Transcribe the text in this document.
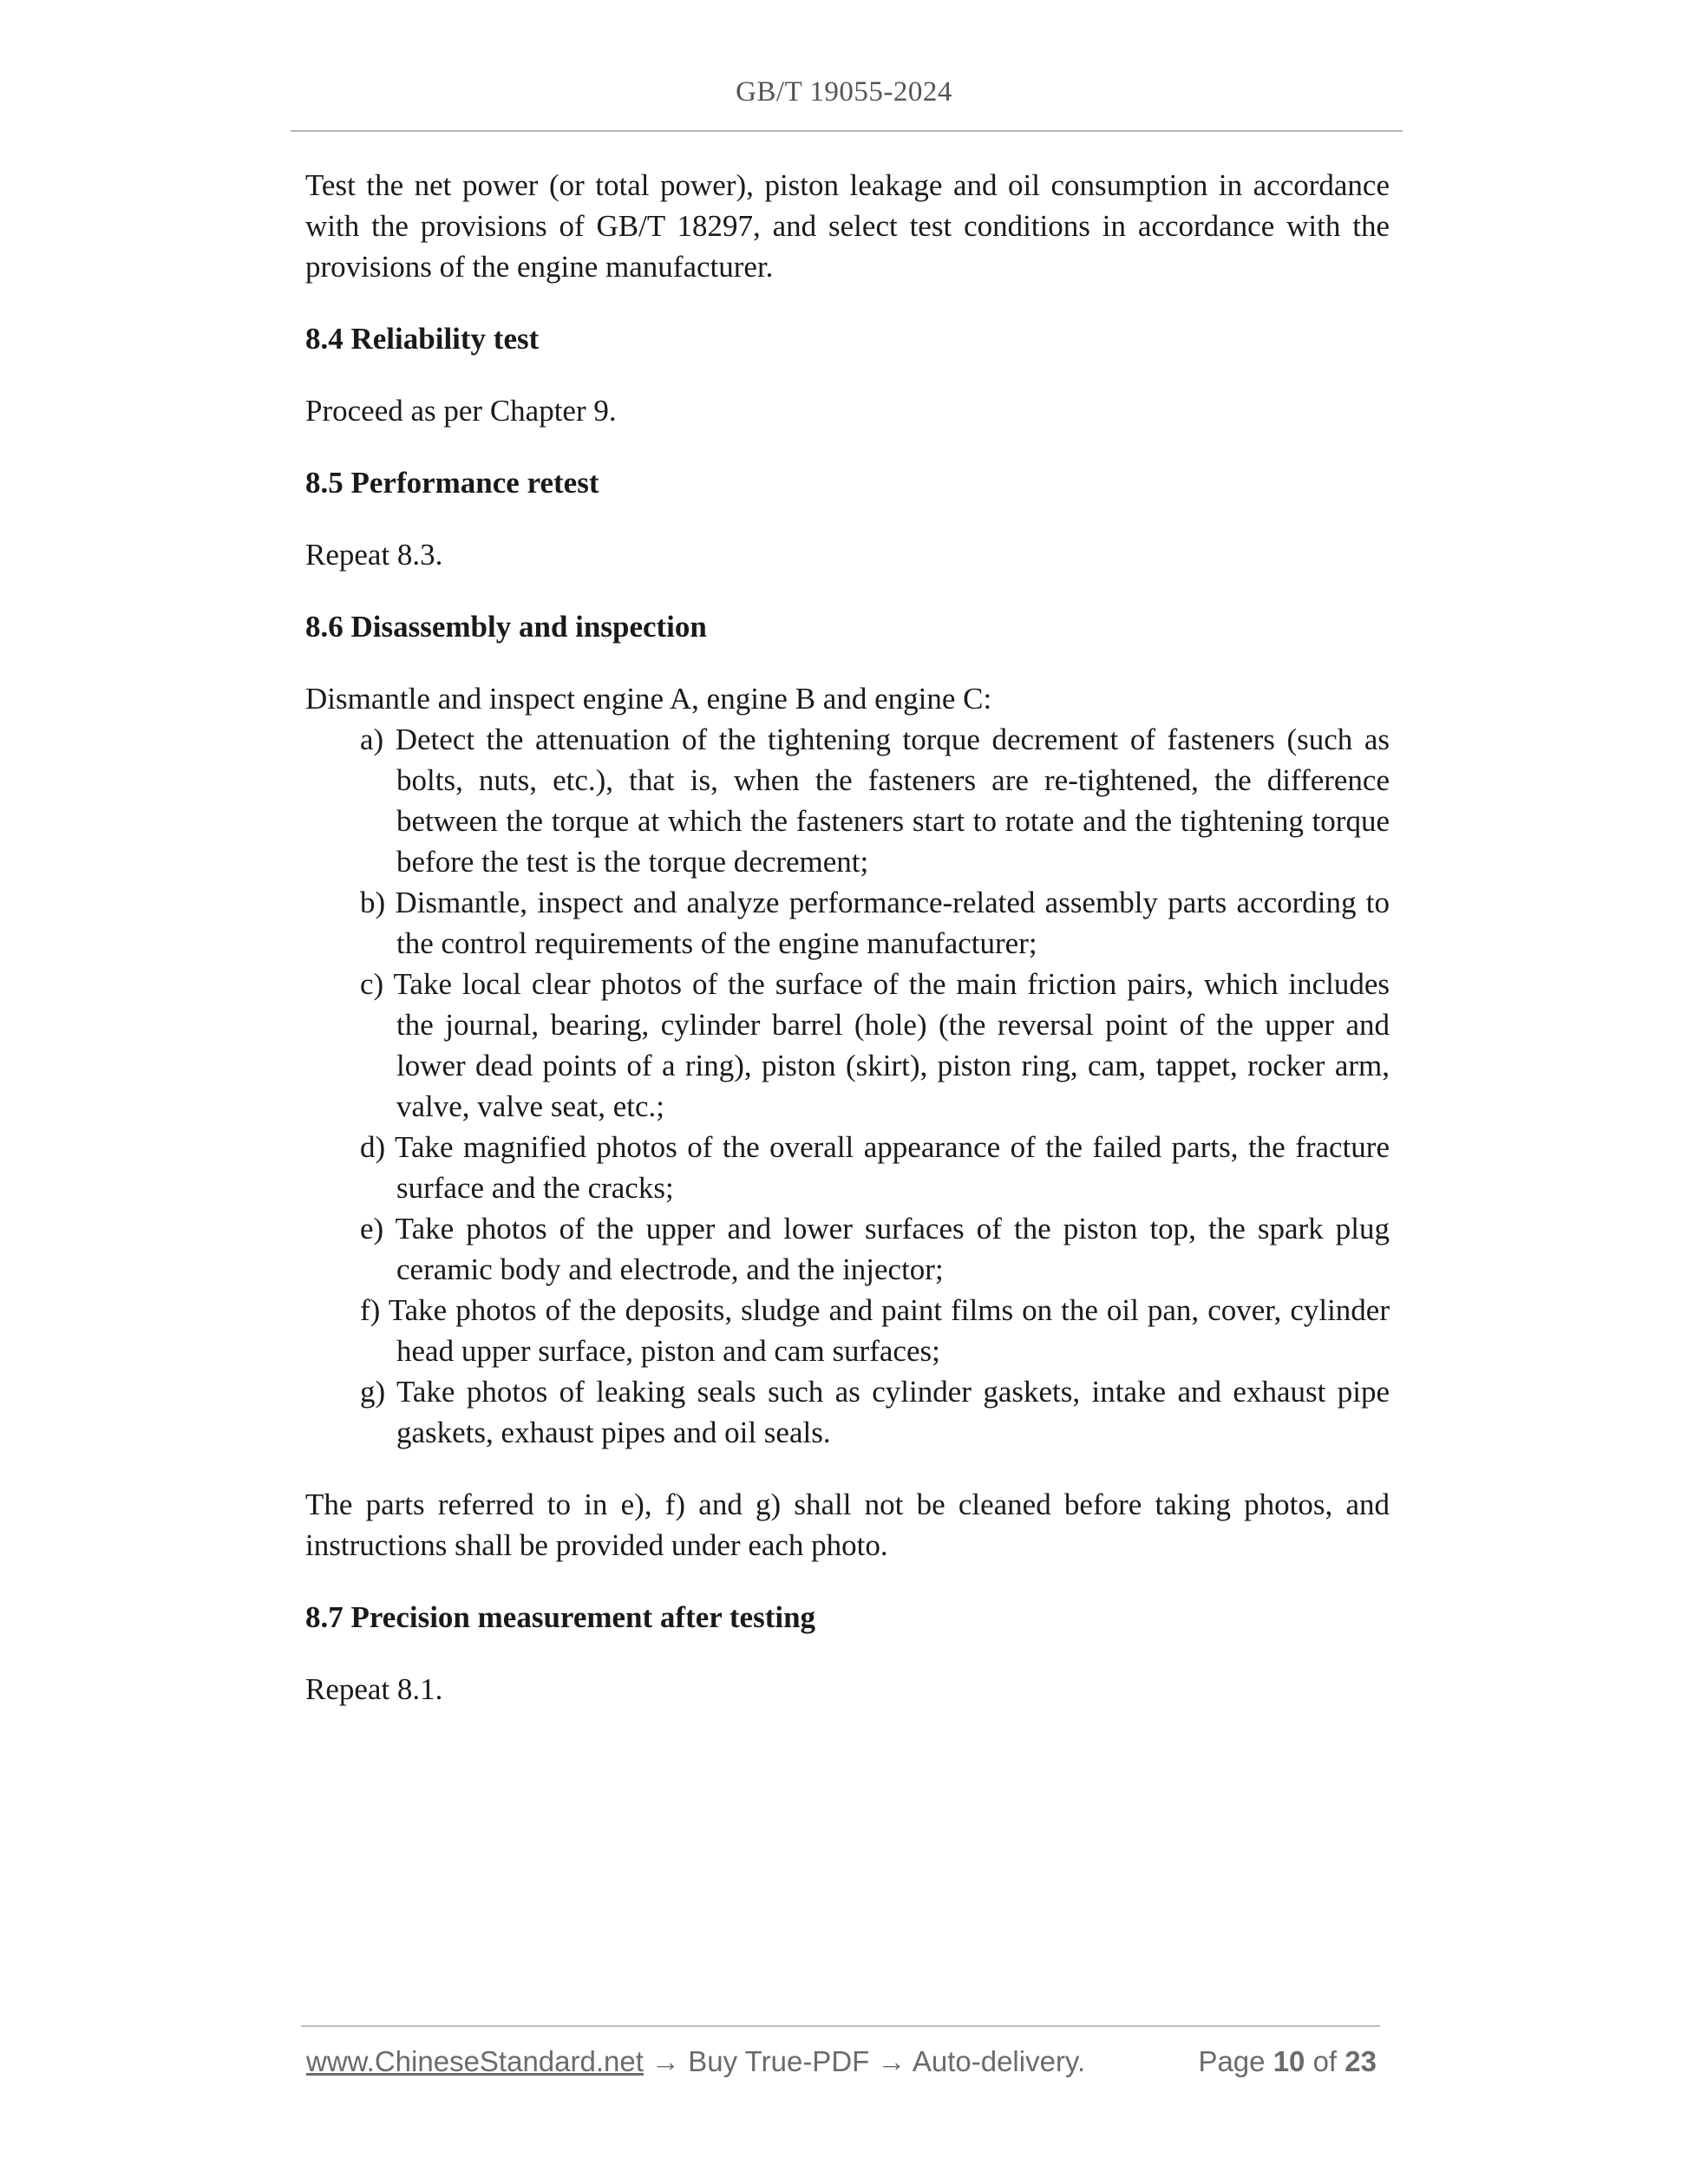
GB/T 19055-2024

Test the net power (or total power), piston leakage and oil consumption in accordance with the provisions of GB/T 18297, and select test conditions in accordance with the provisions of the engine manufacturer.

8.4 Reliability test

Proceed as per Chapter 9.

8.5 Performance retest

Repeat 8.3.

8.6 Disassembly and inspection

Dismantle and inspect engine A, engine B and engine C:

a) Detect the attenuation of the tightening torque decrement of fasteners (such as bolts, nuts, etc.), that is, when the fasteners are re-tightened, the difference between the torque at which the fasteners start to rotate and the tightening torque before the test is the torque decrement;

b) Dismantle, inspect and analyze performance-related assembly parts according to the control requirements of the engine manufacturer;

c) Take local clear photos of the surface of the main friction pairs, which includes the journal, bearing, cylinder barrel (hole) (the reversal point of the upper and lower dead points of a ring), piston (skirt), piston ring, cam, tappet, rocker arm, valve, valve seat, etc.;

d) Take magnified photos of the overall appearance of the failed parts, the fracture surface and the cracks;

e) Take photos of the upper and lower surfaces of the piston top, the spark plug ceramic body and electrode, and the injector;

f) Take photos of the deposits, sludge and paint films on the oil pan, cover, cylinder head upper surface, piston and cam surfaces;

g) Take photos of leaking seals such as cylinder gaskets, intake and exhaust pipe gaskets, exhaust pipes and oil seals.

The parts referred to in e), f) and g) shall not be cleaned before taking photos, and instructions shall be provided under each photo.

8.7 Precision measurement after testing

Repeat 8.1.

www.ChineseStandard.net → Buy True-PDF → Auto-delivery.	Page 10 of 23
